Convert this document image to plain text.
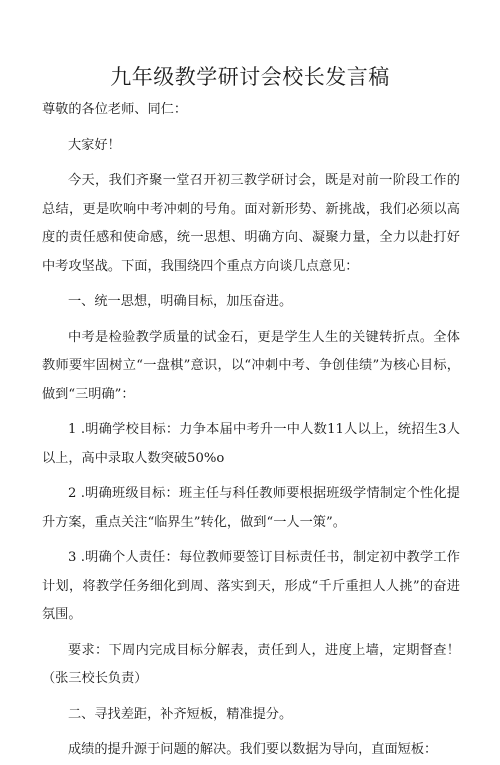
九年级教学研讨会校长发言稿

尊敬的各位老师、同仁：

大家好！

今天，我们齐聚一堂召开初三教学研讨会，既是对前一阶段工作的总结，更是吹响中考冲刺的号角。面对新形势、新挑战，我们必须以高度的责任感和使命感，统一思想、明确方向、凝聚力量，全力以赴打好中考攻坚战。下面，我围绕四个重点方向谈几点意见：

一、统一思想，明确目标，加压奋进。

中考是检验教学质量的试金石，更是学生人生的关键转折点。全体教师要牢固树立“一盘棋”意识，以“冲刺中考、争创佳绩”为核心目标，做到“三明确”：

1 .明确学校目标：力争本届中考升一中人数11人以上，统招生3人以上，高中录取人数突破50%o

2 .明确班级目标：班主任与科任教师要根据班级学情制定个性化提升方案，重点关注“临界生”转化，做到“一人一策”。

3 .明确个人责任：每位教师要签订目标责任书，制定初中教学工作计划，将教学任务细化到周、落实到天，形成“千斤重担人人挑”的奋进氛围。

要求：下周内完成目标分解表，责任到人，进度上墙，定期督查！（张三校长负责）

二、寻找差距，补齐短板，精准提分。

成绩的提升源于问题的解决。我们要以数据为导向，直面短板：
